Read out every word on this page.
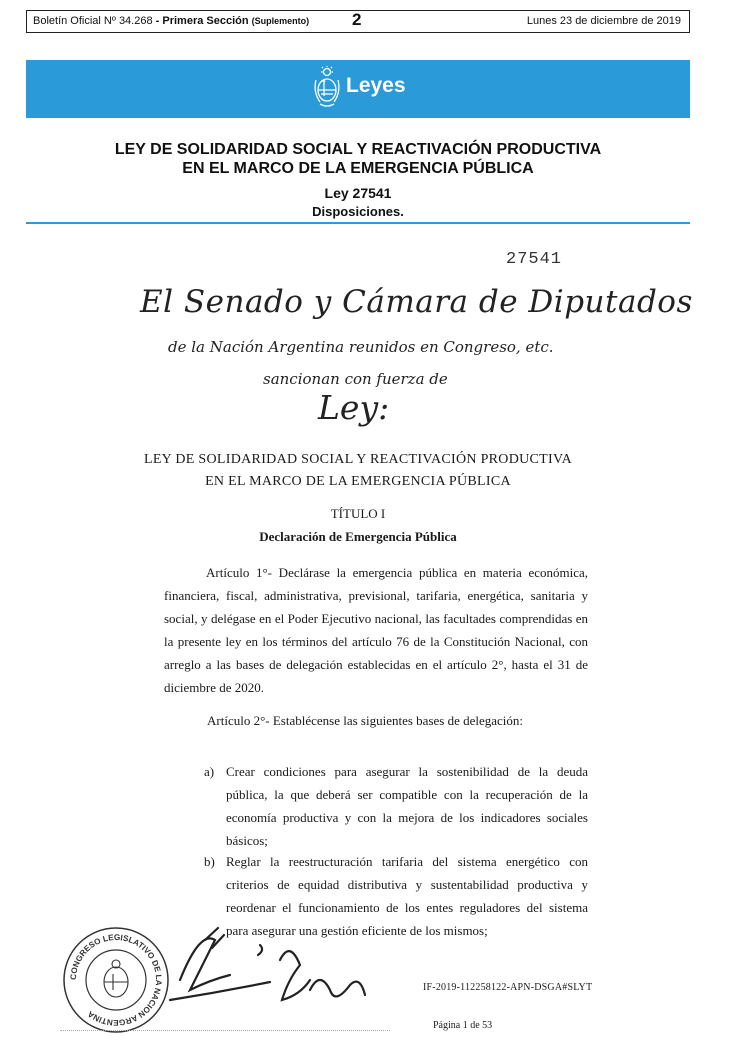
Boletín Oficial Nº 34.268 - Primera Sección (Suplemento)	2	Lunes 23 de diciembre de 2019
Leyes
LEY DE SOLIDARIDAD SOCIAL Y REACTIVACIÓN PRODUCTIVA
EN EL MARCO DE LA EMERGENCIA PÚBLICA
Ley 27541
Disposiciones.
27541
El Senado y Cámara de Diputados
de la Nación Argentina reunidos en Congreso, etc.
sancionan con fuerza de
Ley:
LEY DE SOLIDARIDAD SOCIAL Y REACTIVACIÓN PRODUCTIVA
EN EL MARCO DE LA EMERGENCIA PÚBLICA
TÍTULO I
Declaración de Emergencia Pública
Artículo 1°- Declárase la emergencia pública en materia económica, financiera, fiscal, administrativa, previsional, tarifaria, energética, sanitaria y social, y delégase en el Poder Ejecutivo nacional, las facultades comprendidas en la presente ley en los términos del artículo 76 de la Constitución Nacional, con arreglo a las bases de delegación establecidas en el artículo 2°, hasta el 31 de diciembre de 2020.
Artículo 2°- Establécense las siguientes bases de delegación:
a) Crear condiciones para asegurar la sostenibilidad de la deuda pública, la que deberá ser compatible con la recuperación de la economía productiva y con la mejora de los indicadores sociales básicos;
b) Reglar la reestructuración tarifaria del sistema energético con criterios de equidad distributiva y sustentabilidad productiva y reordenar el funcionamiento de los entes reguladores del sistema para asegurar una gestión eficiente de los mismos;
CONGRESO LEGISLATIVO DE LA NACION ARGENTINA
IF-2019-112258122-APN-DSGA#SLYT
Página 1 de 53
